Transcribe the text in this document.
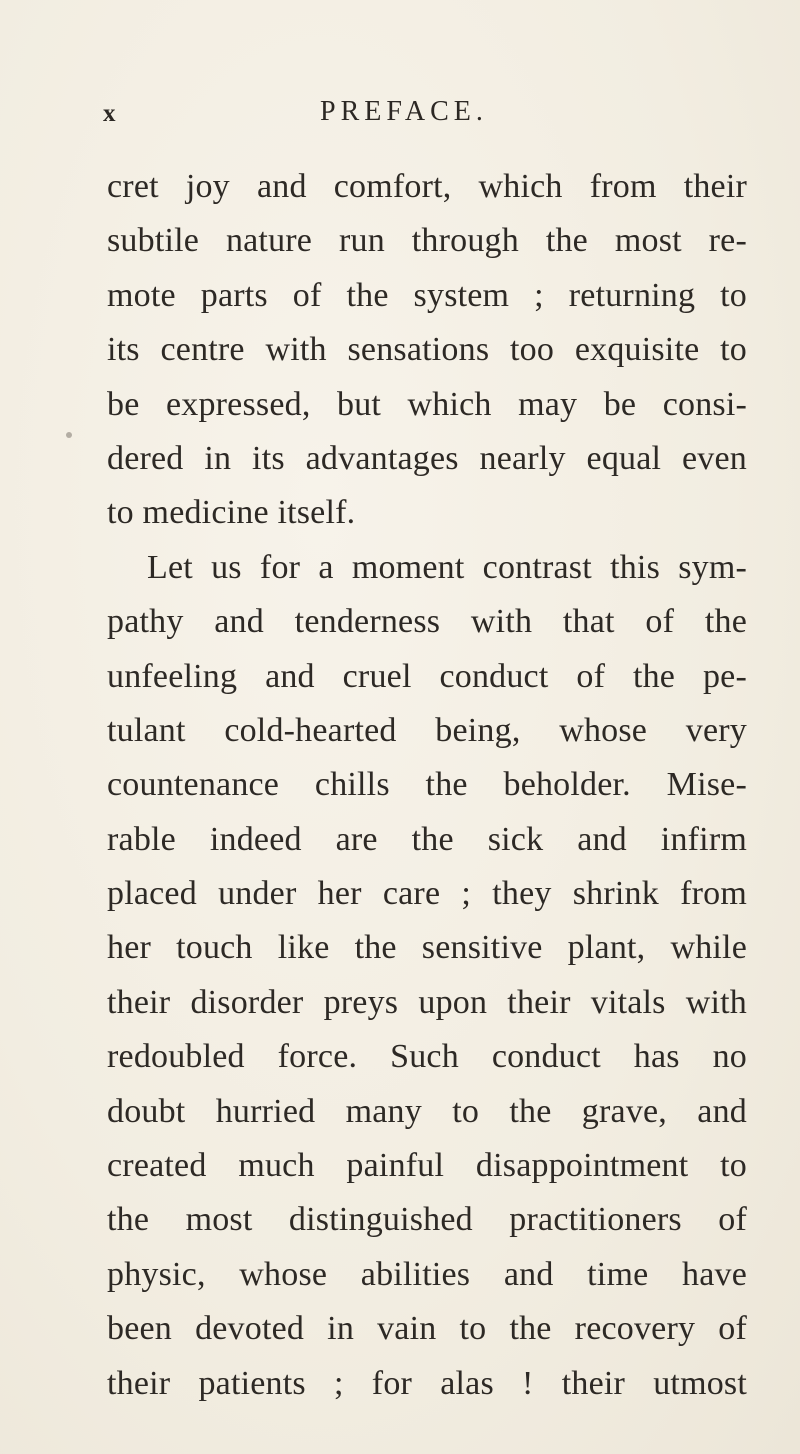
x	PREFACE.
cret joy and comfort, which from their
subtile nature run through the most re-
mote parts of the system ; returning to
its centre with sensations too exquisite to
be expressed, but which may be consi-
dered in its advantages nearly equal even
to medicine itself.
Let us for a moment contrast this sym-
pathy and tenderness with that of the
unfeeling and cruel conduct of the pe-
tulant cold-hearted being, whose very
countenance chills the beholder. Mise-
rable indeed are the sick and infirm
placed under her care ; they shrink from
her touch like the sensitive plant, while
their disorder preys upon their vitals with
redoubled force. Such conduct has no
doubt hurried many to the grave, and
created much painful disappointment to
the most distinguished practitioners of
physic, whose abilities and time have
been devoted in vain to the recovery of
their patients ; for alas ! their utmost
